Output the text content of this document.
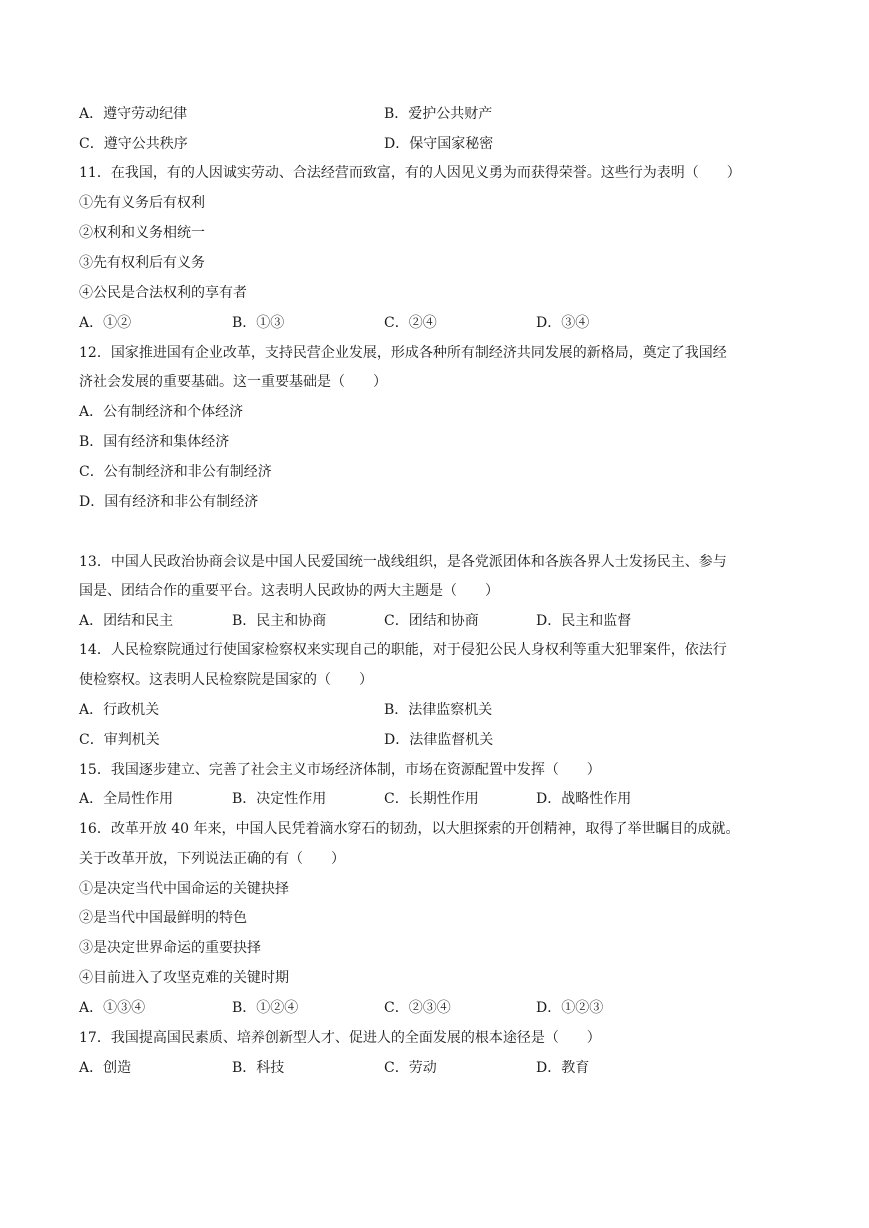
A．遵守劳动纪律	B．爱护公共财产
C．遵守公共秩序	D．保守国家秘密
11．在我国，有的人因诚实劳动、合法经营而致富，有的人因见义勇为而获得荣誉。这些行为表明（　　）
①先有义务后有权利
②权利和义务相统一
③先有权利后有义务
④公民是合法权利的享有者
A．①②	B．①③	C．②④	D．③④
12．国家推进国有企业改革，支持民营企业发展，形成各种所有制经济共同发展的新格局，奠定了我国经
济社会发展的重要基础。这一重要基础是（　　）
A．公有制经济和个体经济
B．国有经济和集体经济
C．公有制经济和非公有制经济
D．国有经济和非公有制经济
13．中国人民政治协商会议是中国人民爱国统一战线组织，是各党派团体和各族各界人士发扬民主、参与
国是、团结合作的重要平台。这表明人民政协的两大主题是（　　）
A．团结和民主	B．民主和协商	C．团结和协商	D．民主和监督
14．人民检察院通过行使国家检察权来实现自己的职能，对于侵犯公民人身权利等重大犯罪案件，依法行
使检察权。这表明人民检察院是国家的（　　）
A．行政机关	B．法律监察机关
C．审判机关	D．法律监督机关
15．我国逐步建立、完善了社会主义市场经济体制，市场在资源配置中发挥（　　）
A．全局性作用	B．决定性作用	C．长期性作用	D．战略性作用
16．改革开放 40 年来，中国人民凭着滴水穿石的韧劲，以大胆探索的开创精神，取得了举世瞩目的成就。
关于改革开放，下列说法正确的有（　　）
①是决定当代中国命运的关键抉择
②是当代中国最鲜明的特色
③是决定世界命运的重要抉择
④目前进入了攻坚克难的关键时期
A．①③④	B．①②④	C．②③④	D．①②③
17．我国提高国民素质、培养创新型人才、促进人的全面发展的根本途径是（　　）
A．创造	B．科技	C．劳动	D．教育
